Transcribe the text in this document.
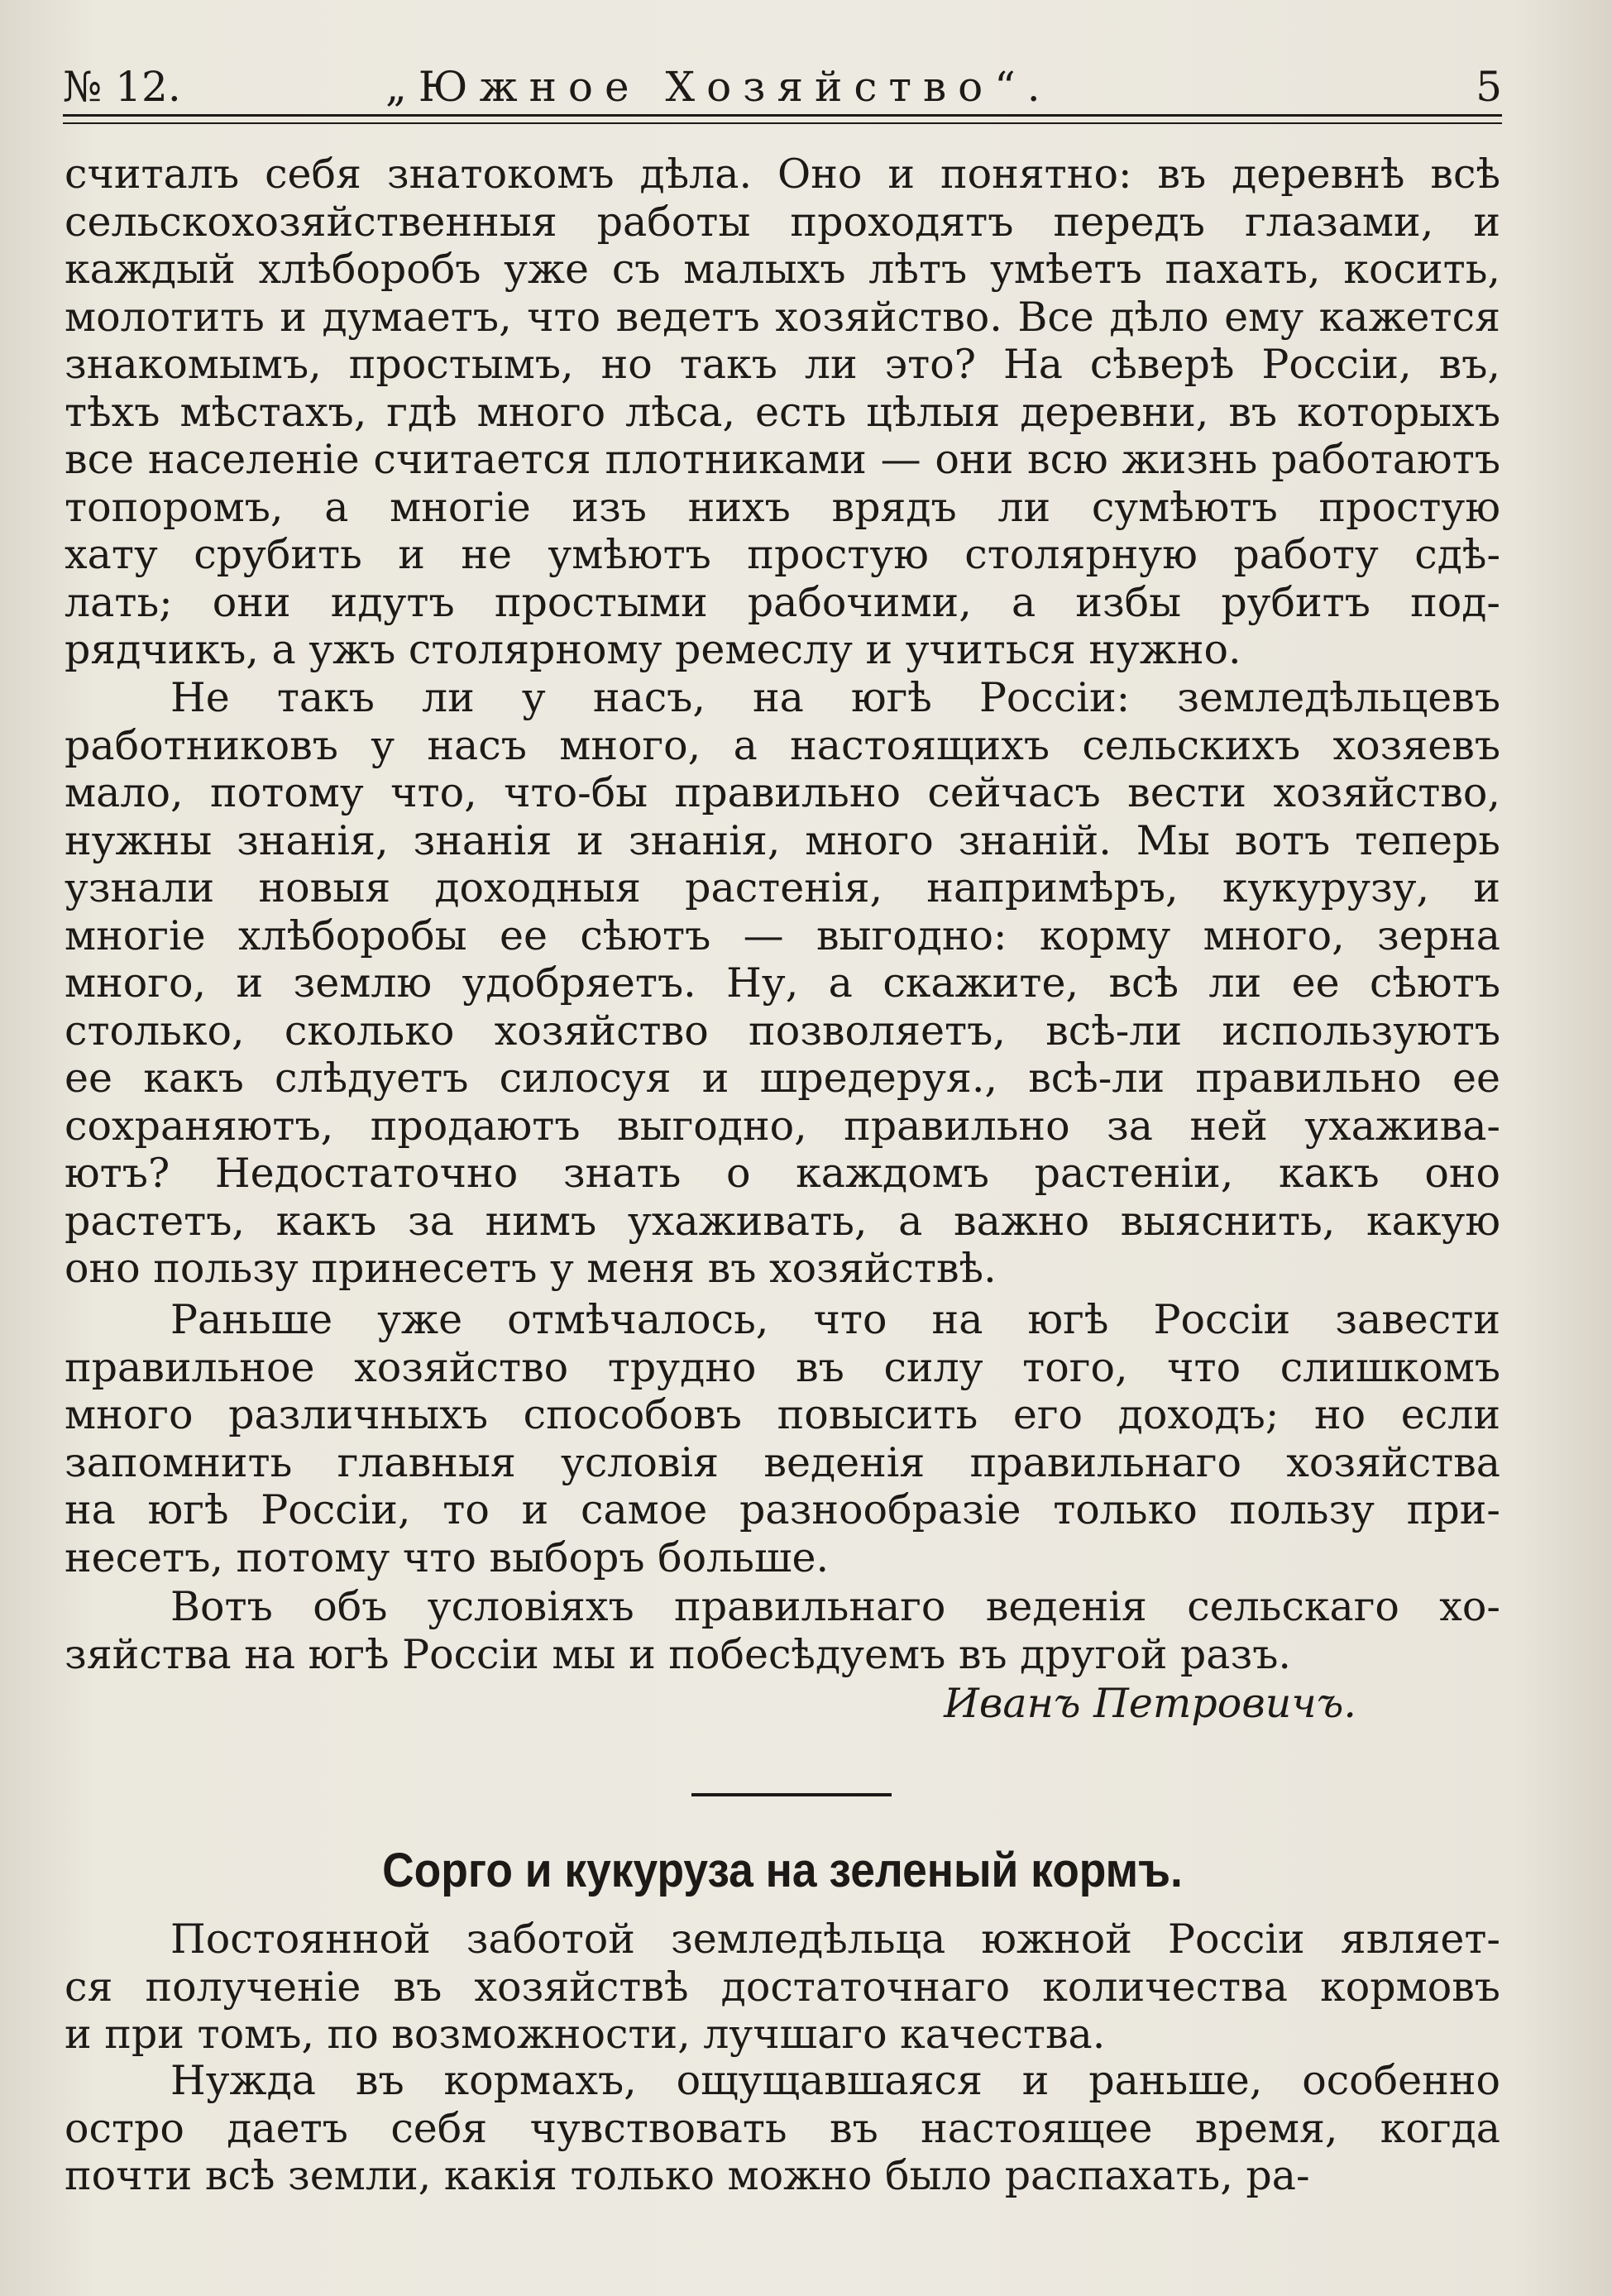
№ 12.	„Южное Хозяйство“.	5
считалъ себя знатокомъ дѣла. Оно и понятно: въ деревнѣ всѣ
сельскохозяйственныя работы проходятъ передъ глазами, и
каждый хлѣборобъ уже съ малыхъ лѣтъ умѣетъ пахать, косить,
молотить и думаетъ, что ведетъ хозяйство. Все дѣло ему кажется
знакомымъ, простымъ, но такъ ли это? На сѣверѣ Россіи, въ,
тѣхъ мѣстахъ, гдѣ много лѣса, есть цѣлыя деревни, въ которыхъ
все населеніе считается плотниками — они всю жизнь работаютъ
топоромъ, а многіе изъ нихъ врядъ ли сумѣютъ простую
хату срубить и не умѣютъ простую столярную работу сдѣ-
лать; они идутъ простыми рабочими, а избы рубитъ под-
рядчикъ, а ужъ столярному ремеслу и учиться нужно.
Не такъ ли у насъ, на югѣ Россіи: земледѣльцевъ
работниковъ у насъ много, а настоящихъ сельскихъ хозяевъ
мало, потому что, что-бы правильно сейчасъ вести хозяйство,
нужны знанія, знанія и знанія, много знаній. Мы вотъ теперь
узнали новыя доходныя растенія, напримѣръ, кукурузу, и
многіе хлѣборобы ее сѣютъ — выгодно: корму много, зерна
много, и землю удобряетъ. Ну, а скажите, всѣ ли ее сѣютъ
столько, сколько хозяйство позволяетъ, всѣ-ли используютъ
ее какъ слѣдуетъ силосуя и шредеруя., всѣ-ли правильно ее
сохраняютъ, продаютъ выгодно, правильно за ней ухажива-
ютъ? Недостаточно знать о каждомъ растеніи, какъ оно
растетъ, какъ за нимъ ухаживать, а важно выяснить, какую
оно пользу принесетъ у меня въ хозяйствѣ.
Раньше уже отмѣчалось, что на югѣ Россіи завести
правильное хозяйство трудно въ силу того, что слишкомъ
много различныхъ способовъ повысить его доходъ; но если
запомнить главныя условія веденія правильнаго хозяйства
на югѣ Россіи, то и самое разнообразіе только пользу при-
несетъ, потому что выборъ больше.
Вотъ объ условіяхъ правильнаго веденія сельскаго хо-
зяйства на югѣ Россіи мы и побесѣдуемъ въ другой разъ.
Иванъ Петровичъ.
Сорго и кукуруза на зеленый кормъ.
Постоянной заботой земледѣльца южной Россіи являет-
ся полученіе въ хозяйствѣ достаточнаго количества кормовъ
и при томъ, по возможности, лучшаго качества.
Нужда въ кормахъ, ощущавшаяся и раньше, особенно
остро даетъ себя чувствовать въ настоящее время, когда
почти всѣ земли, какія только можно было распахать, ра-
